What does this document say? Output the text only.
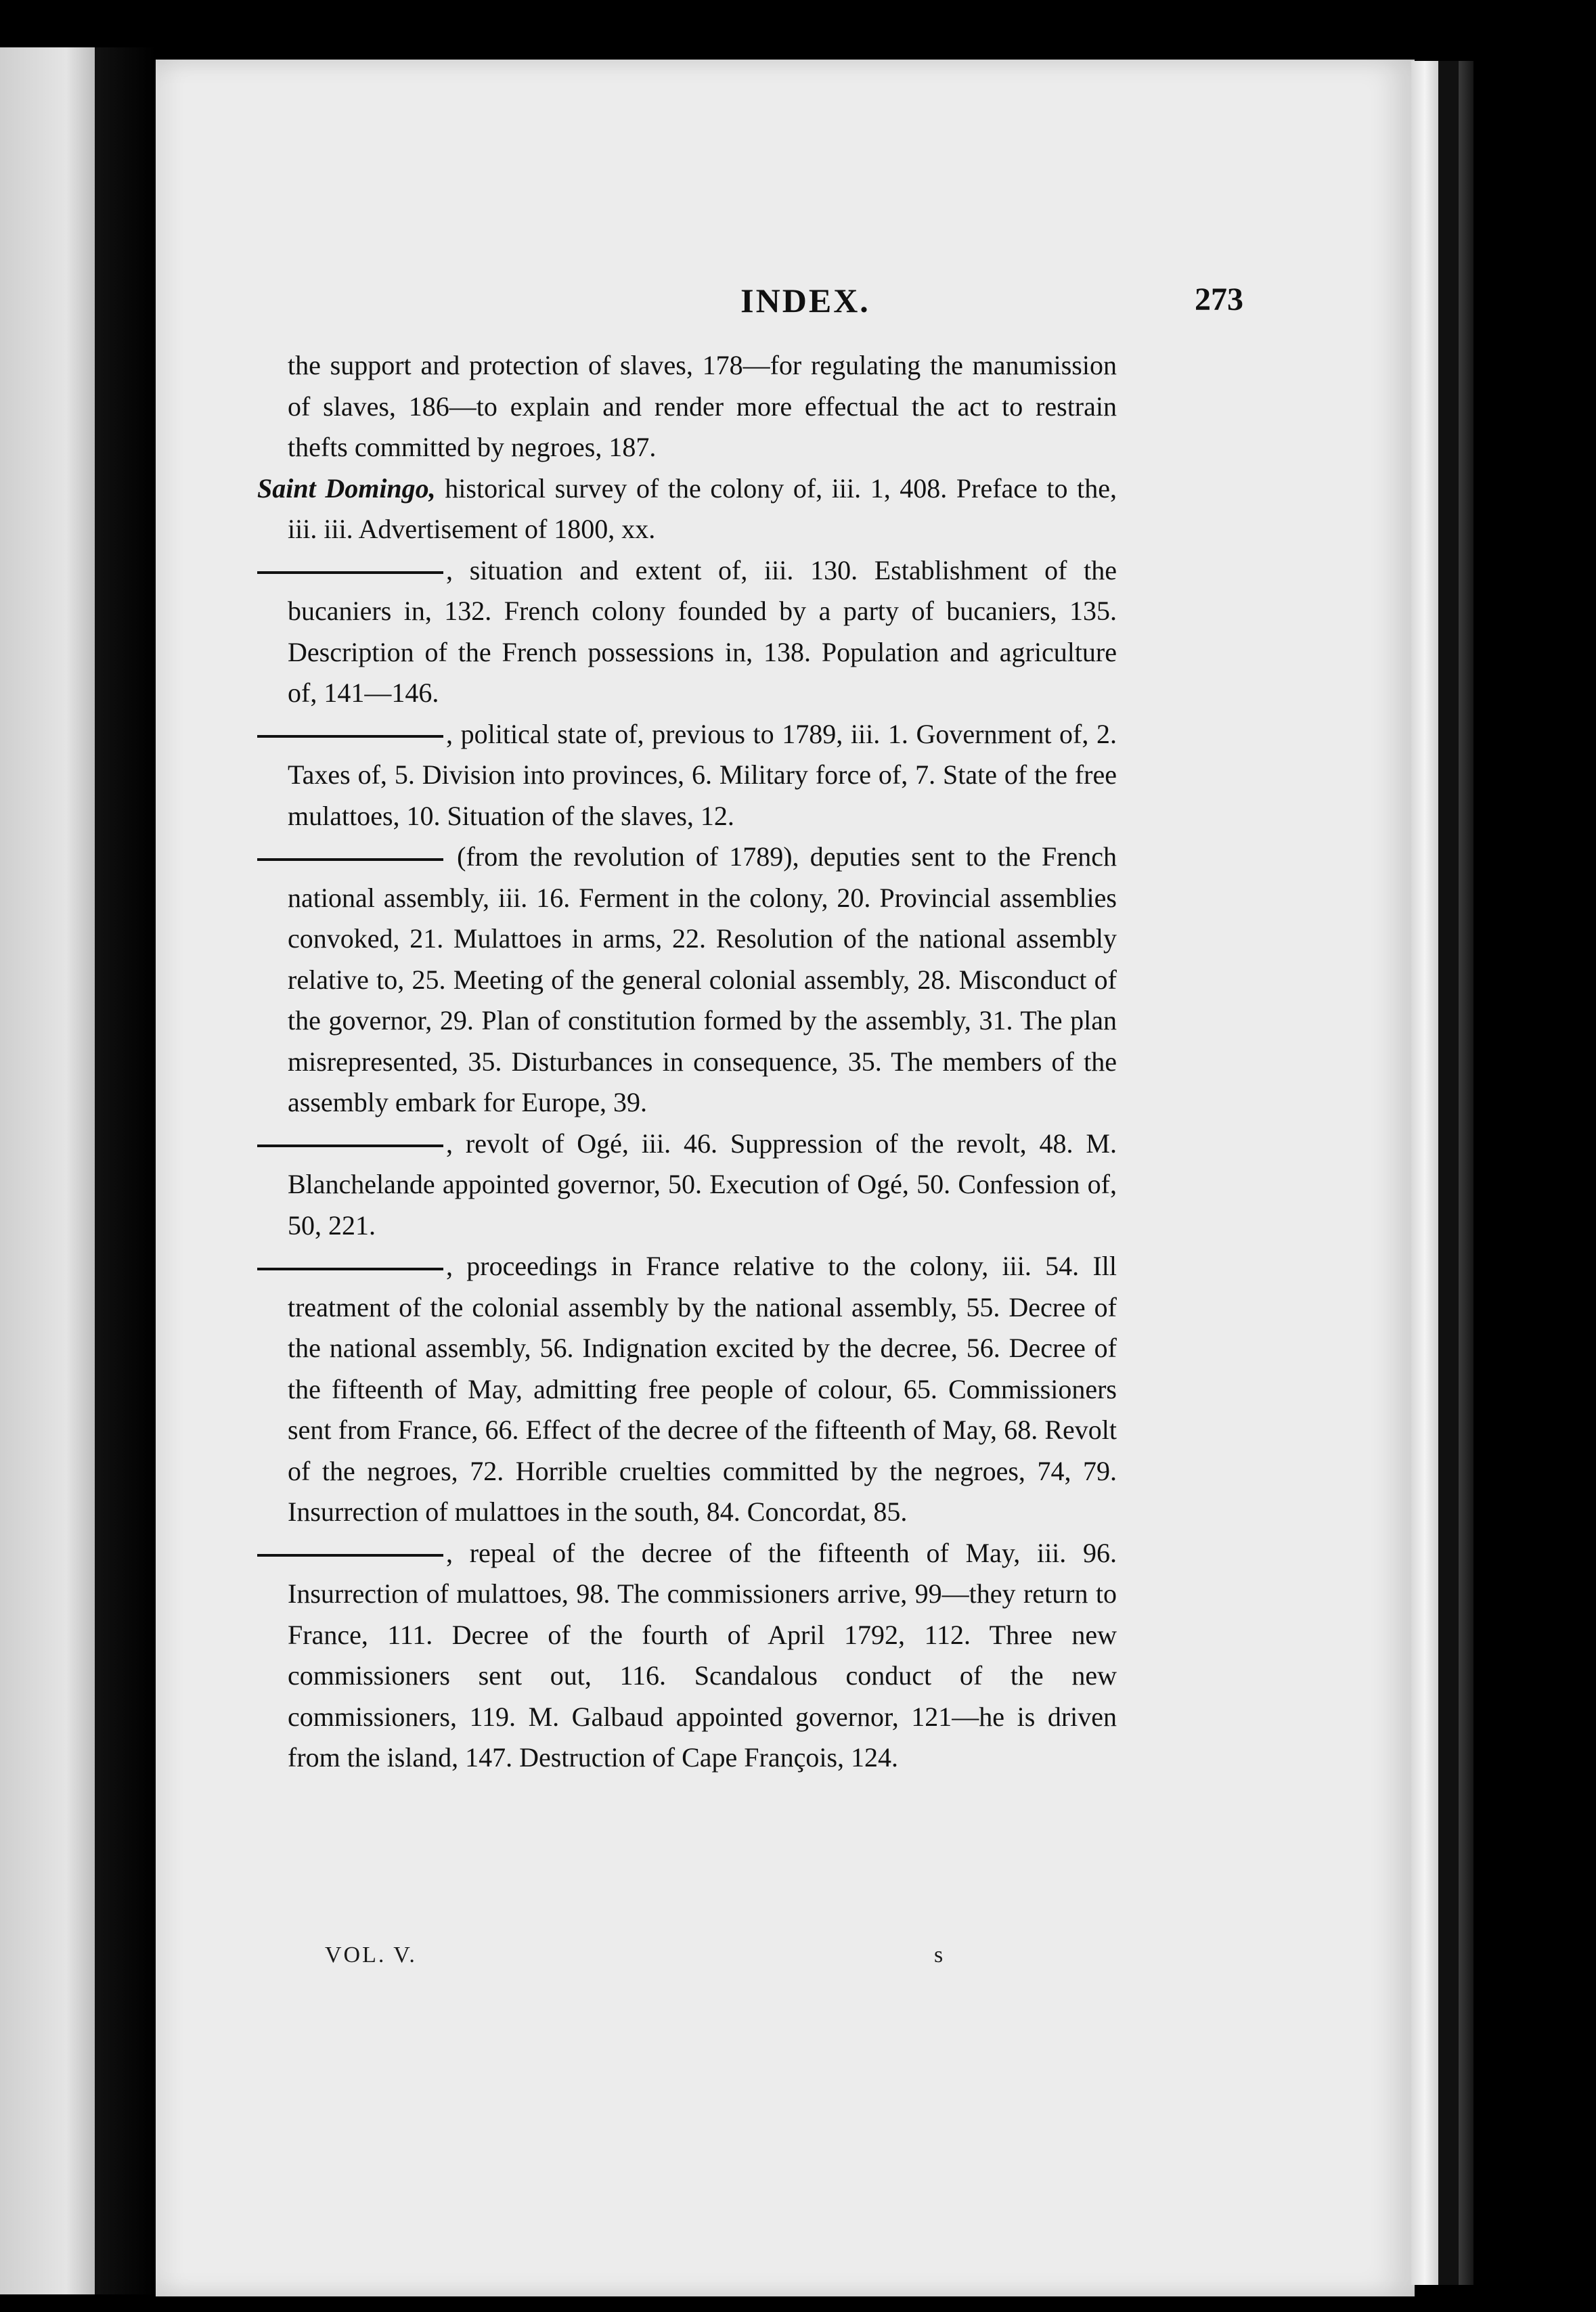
INDEX.	273

the support and protection of slaves, 178—for regulating the manumission of slaves, 186—to explain and render more effectual the act to restrain thefts committed by negroes, 187.

Saint Domingo, historical survey of the colony of, iii. 1, 408. Preface to the, iii. iii. Advertisement of 1800, xx.

, situation and extent of, iii. 130. Establishment of the bucaniers in, 132. French colony founded by a party of bucaniers, 135. Description of the French possessions in, 138. Population and agriculture of, 141—146.

, political state of, previous to 1789, iii. 1. Government of, 2. Taxes of, 5. Division into provinces, 6. Military force of, 7. State of the free mulattoes, 10. Situation of the slaves, 12.

(from the revolution of 1789), deputies sent to the French national assembly, iii. 16. Ferment in the colony, 20. Provincial assemblies convoked, 21. Mulattoes in arms, 22. Resolution of the national assembly relative to, 25. Meeting of the general colonial assembly, 28. Misconduct of the governor, 29. Plan of constitution formed by the assembly, 31. The plan misrepresented, 35. Disturbances in consequence, 35. The members of the assembly embark for Europe, 39.

, revolt of Ogé, iii. 46. Suppression of the revolt, 48. M. Blanchelande appointed governor, 50. Execution of Ogé, 50. Confession of, 50, 221.

, proceedings in France relative to the colony, iii. 54. Ill treatment of the colonial assembly by the national assembly, 55. Decree of the national assembly, 56. Indignation excited by the decree, 56. Decree of the fifteenth of May, admitting free people of colour, 65. Commissioners sent from France, 66. Effect of the decree of the fifteenth of May, 68. Revolt of the negroes, 72. Horrible cruelties committed by the negroes, 74, 79. Insurrection of mulattoes in the south, 84. Concordat, 85.

, repeal of the decree of the fifteenth of May, iii. 96. Insurrection of mulattoes, 98. The commissioners arrive, 99—they return to France, 111. Decree of the fourth of April 1792, 112. Three new commissioners sent out, 116. Scandalous conduct of the new commissioners, 119. M. Galbaud appointed governor, 121—he is driven from the island, 147. Destruction of Cape François, 124.

VOL. V.	s
